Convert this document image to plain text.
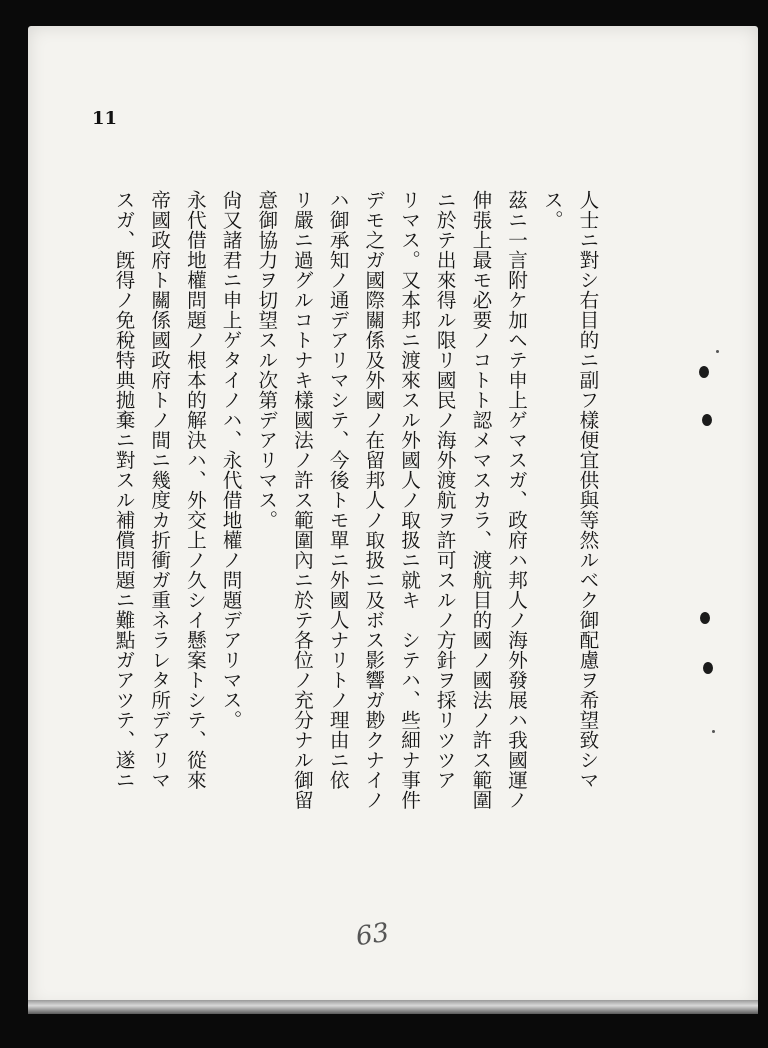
11
人士ニ對シ右目的ニ副フ樣便宜供與等然ルベク御配慮ヲ希望致シマ
ス。
茲ニ一言附ケ加ヘテ申上ゲマスガ、政府ハ邦人ノ海外發展ハ我國運ノ
伸張上最モ必要ノコトト認メマスカラ、渡航目的國ノ國法ノ許ス範圍
ニ於テ出來得ル限リ國民ノ海外渡航ヲ許可スルノ方針ヲ採リツツア
リマス。又本邦ニ渡來スル外國人ノ取扱ニ就キ　シテハ、些細ナ事件
デモ之ガ國際關係及外國ノ在留邦人ノ取扱ニ及ボス影響ガ尠クナイノ
ハ御承知ノ通デアリマシテ、今後トモ單ニ外國人ナリトノ理由ニ依
リ嚴ニ過グルコトナキ樣國法ノ許ス範圍內ニ於テ各位ノ充分ナル御留
意御協力ヲ切望スル次第デアリマス。
尙又諸君ニ申上ゲタイノハ、永代借地權ノ問題デアリマス。
永代借地權問題ノ根本的解決ハ、外交上ノ久シイ懸案トシテ、從來
帝國政府ト關係國政府トノ間ニ幾度カ折衝ガ重ネラレタ所デアリマ
スガ、旣得ノ免稅特典拋棄ニ對スル補償問題ニ難點ガアツテ、遂ニ
63
